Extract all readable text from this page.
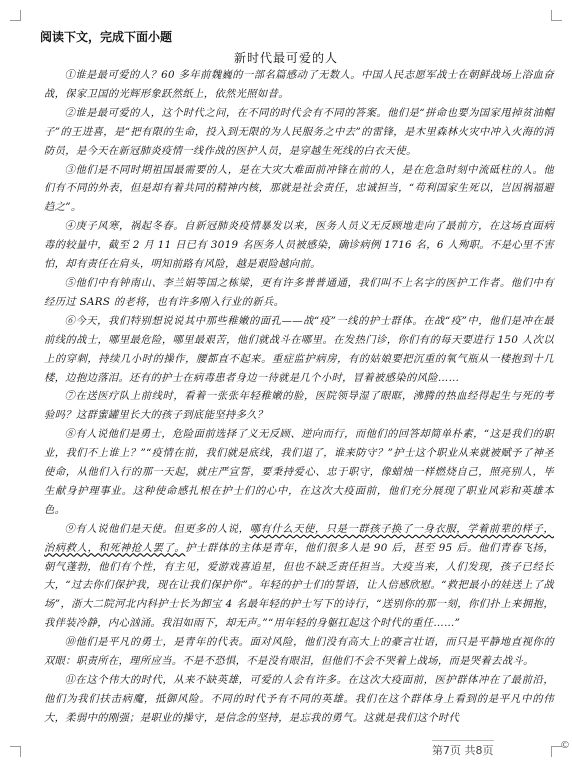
阅读下文，完成下面小题
新时代最可爱的人

①谁是最可爱的人？60 多年前魏巍的一部名篇感动了无数人。中国人民志愿军战士在朝鲜战场上浴血奋战，保家卫国的光辉形象跃然纸上，依然光照如昔。

②谁是最可爱的人，这个时代之问，在不同的时代会有不同的答案。他们是“拼命也要为国家甩掉贫油帽子”的王进喜，是“把有限的生命，投入到无限的为人民服务之中去”的雷锋，是木里森林火灾中冲入火海的消防员，是今天在新冠肺炎疫情一线作战的医护人员，是穿越生死线的白衣天使。

③他们是不同时期祖国最需要的人，是在大灾大难面前冲锋在前的人，是在危急时刻中流砥柱的人。他们有不同的外表，但是却有着共同的精神内核，那就是社会责任，忠诚担当，“苟利国家生死以，岂因祸福避趋之”。

④庚子风寒，祸起冬春。自新冠肺炎疫情暴发以来，医务人员义无反顾地走向了最前方，在这场直面病毒的较量中，截至 2 月 11 日已有 3019 名医务人员被感染，确诊病例 1716 名，6 人殉职。不是心里不害怕，却有责任在肩头，明知前路有风险，越是艰险越向前。

⑤他们中有钟南山、李兰娟等国之栋梁，更有许多普普通通，我们叫不上名字的医护工作者。他们中有经历过 SARS 的老将，也有许多刚入行业的新兵。

⑥今天，我们特别想说说其中那些稚嫩的面孔——战“疫”一线的护士群体。在战“疫”中，他们是冲在最前线的战士，哪里最危险，哪里最艰苦，他们就战斗在哪里。在发热门诊，你们有的每天要进行 150 人次以上的穿刺，持续几小时的操作，腰都直不起来。重症监护病房，有的姑娘要把沉重的氧气瓶从一楼抱到十几楼，边抱边落泪。还有的护士在病毒患者身边一待就是几个小时，冒着被感染的风险……

⑦在送医疗队上前线时，看着一张张年轻稚嫩的脸，医院领导湿了眼眶，沸腾的热血经得起生与死的考验吗？这群蜜罐里长大的孩子到底能坚持多久？

⑧有人说他们是勇士，危险面前选择了义无反顾、逆向而行，而他们的回答却简单朴素，“这是我们的职业，我们不上谁上？”“疫情在前，我们就是底线，我们退了，谁来防守？”护士这个职业从来就被赋予了神圣使命，从他们入行的那一天起，就庄严宣誓，要秉持爱心、忠于职守，像蜡烛一样燃烧自己，照亮别人，毕生献身护理事业。这种使命感扎根在护士们的心中，在这次大疫面前，他们充分展现了职业风彩和英雄本色。

⑨有人说他们是天使。但更多的人说，哪有什么天使，只是一群孩子换了一身衣服，学着前辈的样子，治病救人，和死神抢人罢了。护士群体的主体是青年，他们很多人是 90 后，甚至 95 后。他们青春飞扬，朝气蓬勃，他们有个性，有主见，爱游戏喜追星，但也不缺乏责任担当。大疫当来，人们发现，孩子已经长大，“过去你们保护我，现在让我们保护你”。年轻的护士们的誓语，让人倍感欣慰。“救把最小的娃送上了战场”，浙大二院河北内科护士长为卸宝 4 名最年轻的护士写下的诗行，“送别你的那一刻，你们扑上来拥抱，我伴装冷静，内心汹涌。我泪如雨下，却无声。”“用年轻的身躯扛起这个时代的重任……”

⑩他们是平凡的勇士，是青年的代表。面对风险，他们没有高大上的豪言壮语，而只是平静地直视你的双眼：职责所在，理所应当。不是不恐惧，不是没有眼泪，但他们不会不哭着上战场，而是哭着去战斗。

⑪在这个伟大的时代，从来不缺英雄，可爱的人会有许多。在这次大疫面前，医护群体冲在了最前沿，他们为我们扶击病魔，抵御风险。不同的时代予有不同的英雄。我们在这个群体身上看到的是平凡中的伟大，柔弱中的刚强；是职业的操守，是信念的坚持，是忘我的勇气。这就是我们这个时代

第7页 共8页	©
